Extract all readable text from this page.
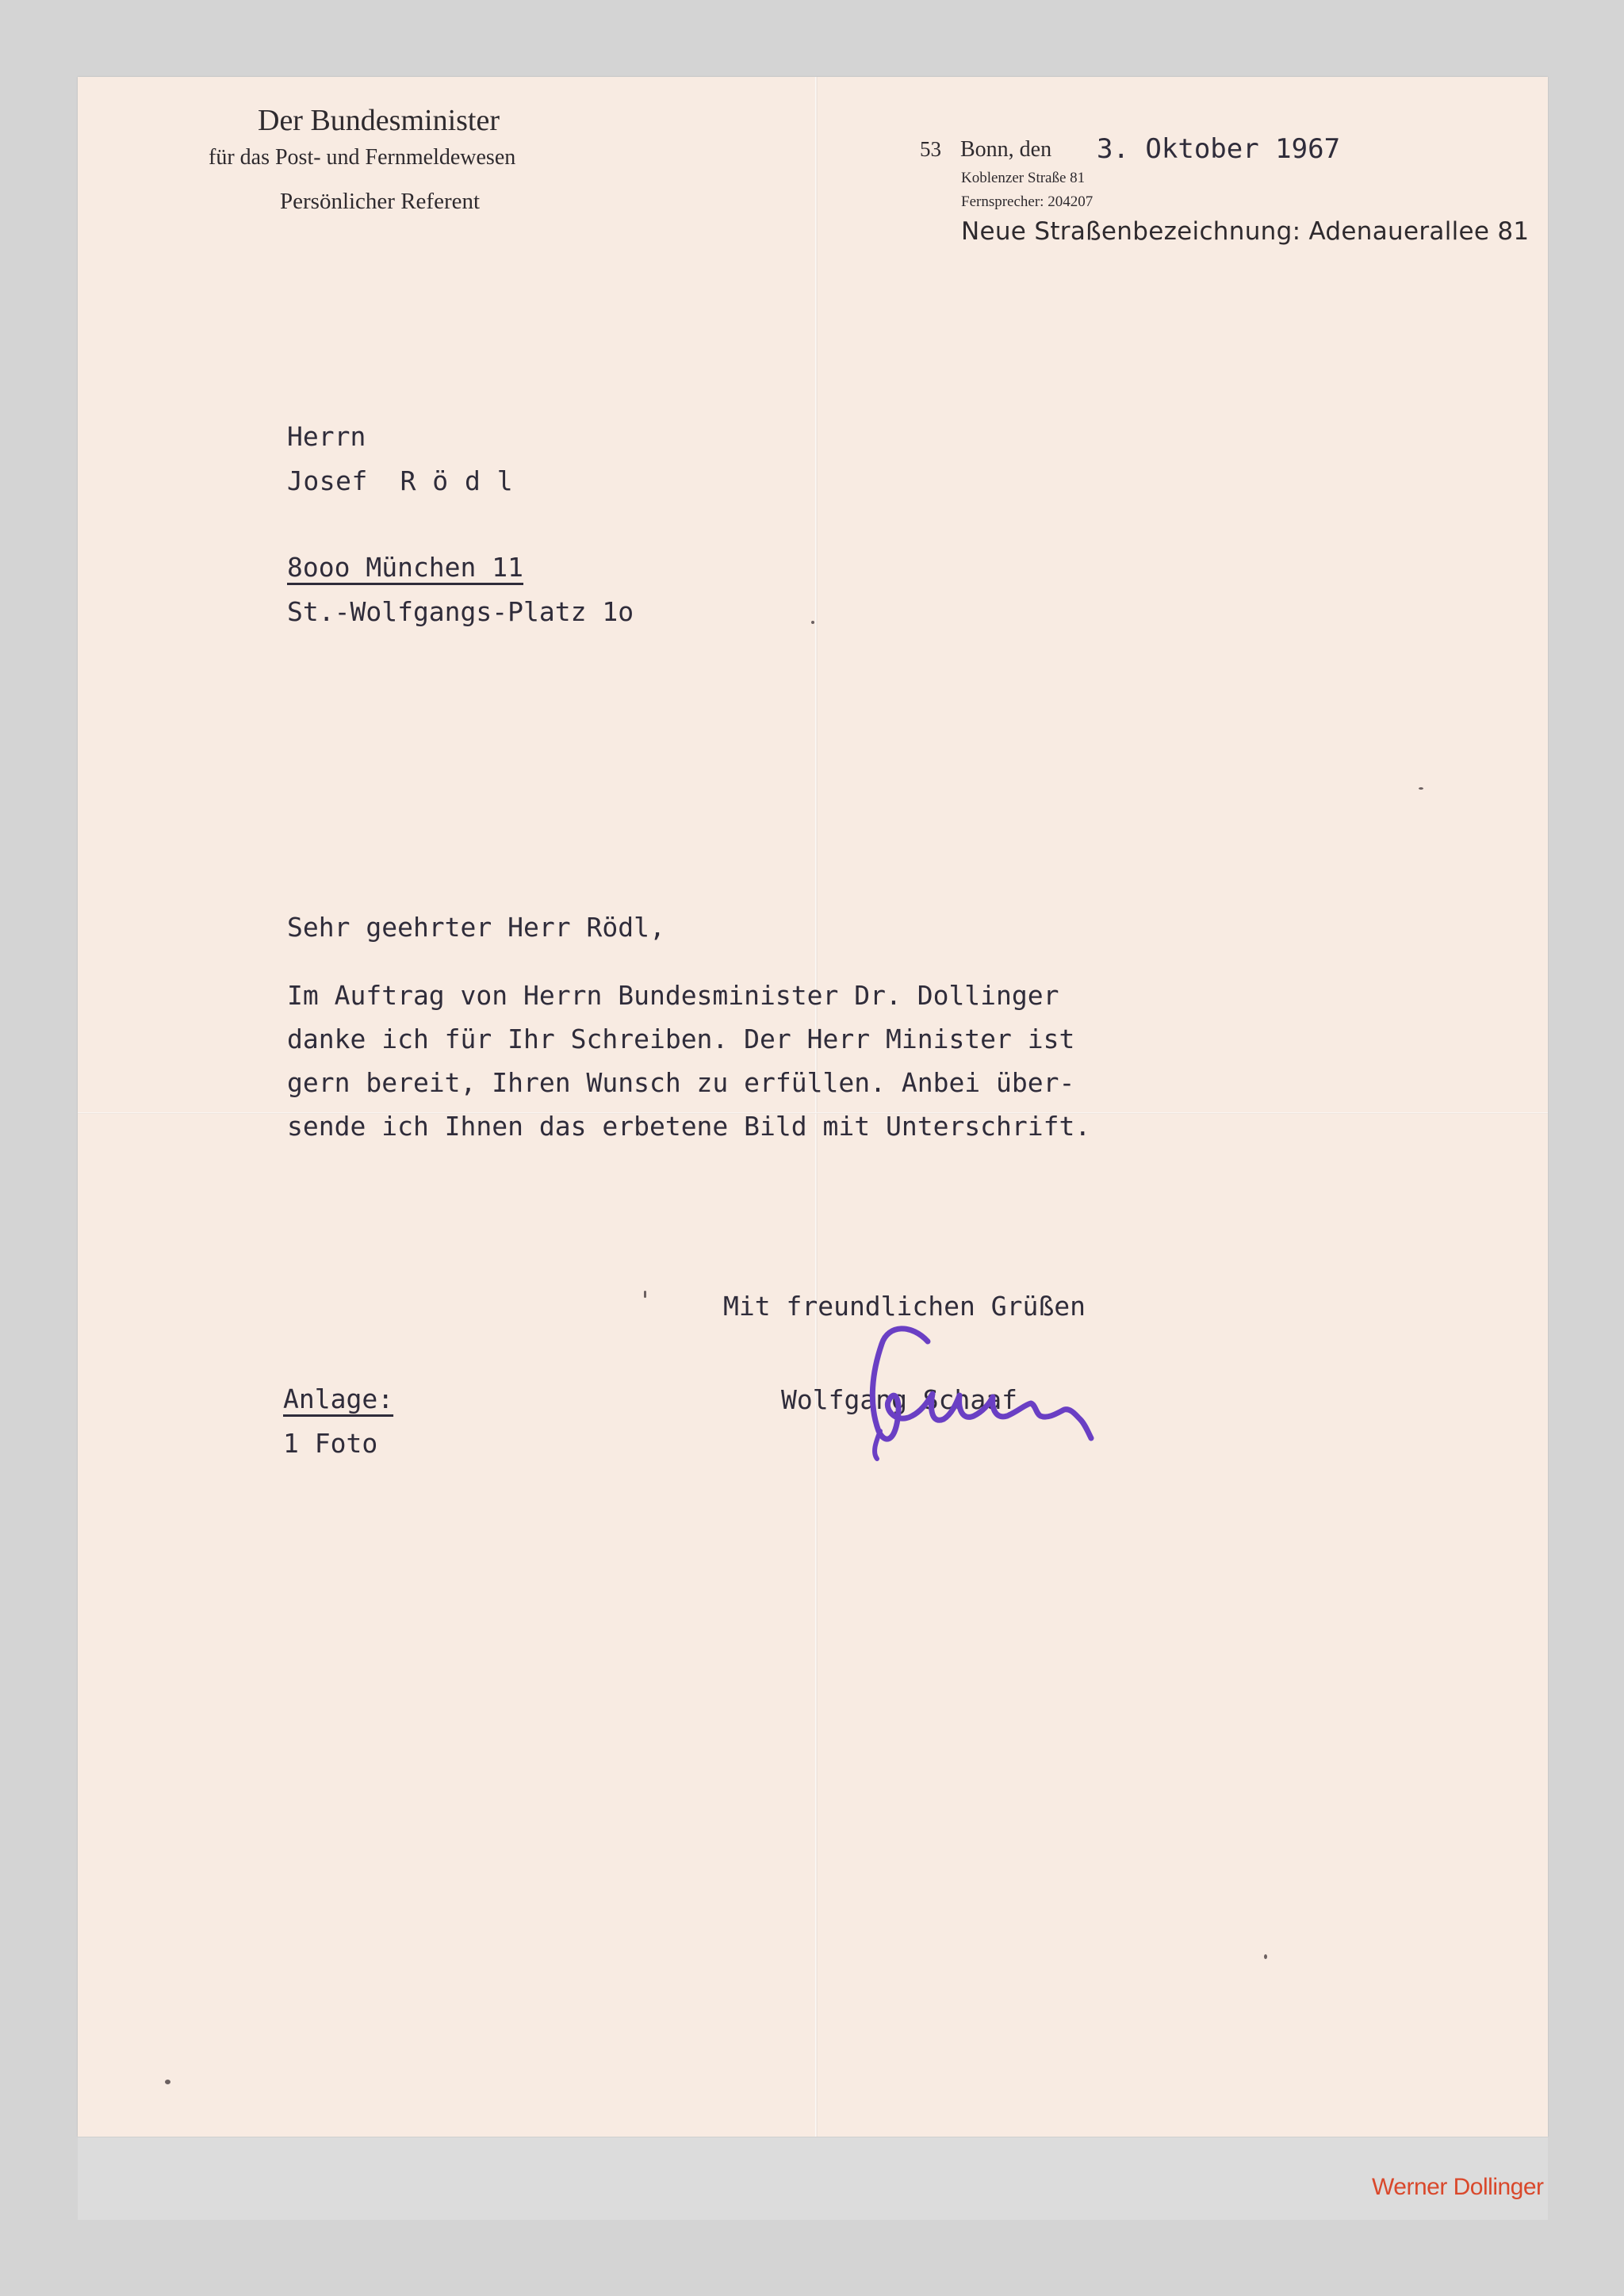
Der Bundesminister
für das Post- und Fernmeldewesen
Persönlicher Referent
53 Bonn, den 3. Oktober 1967
Koblenzer Straße 81
Fernsprecher: 204207
Neue Straßenbezeichnung: Adenauerallee 81
Herrn
Josef  R ö d l
8ooo München 11
St.-Wolfgangs-Platz 1o
Sehr geehrter Herr Rödl,
Im Auftrag von Herrn Bundesminister Dr. Dollinger
danke ich für Ihr Schreiben. Der Herr Minister ist
gern bereit, Ihren Wunsch zu erfüllen. Anbei über-
sende ich Ihnen das erbetene Bild mit Unterschrift.
Mit freundlichen Grüßen
Wolfgang Schaaf
Anlage:
1 Foto
Werner Dollinger
